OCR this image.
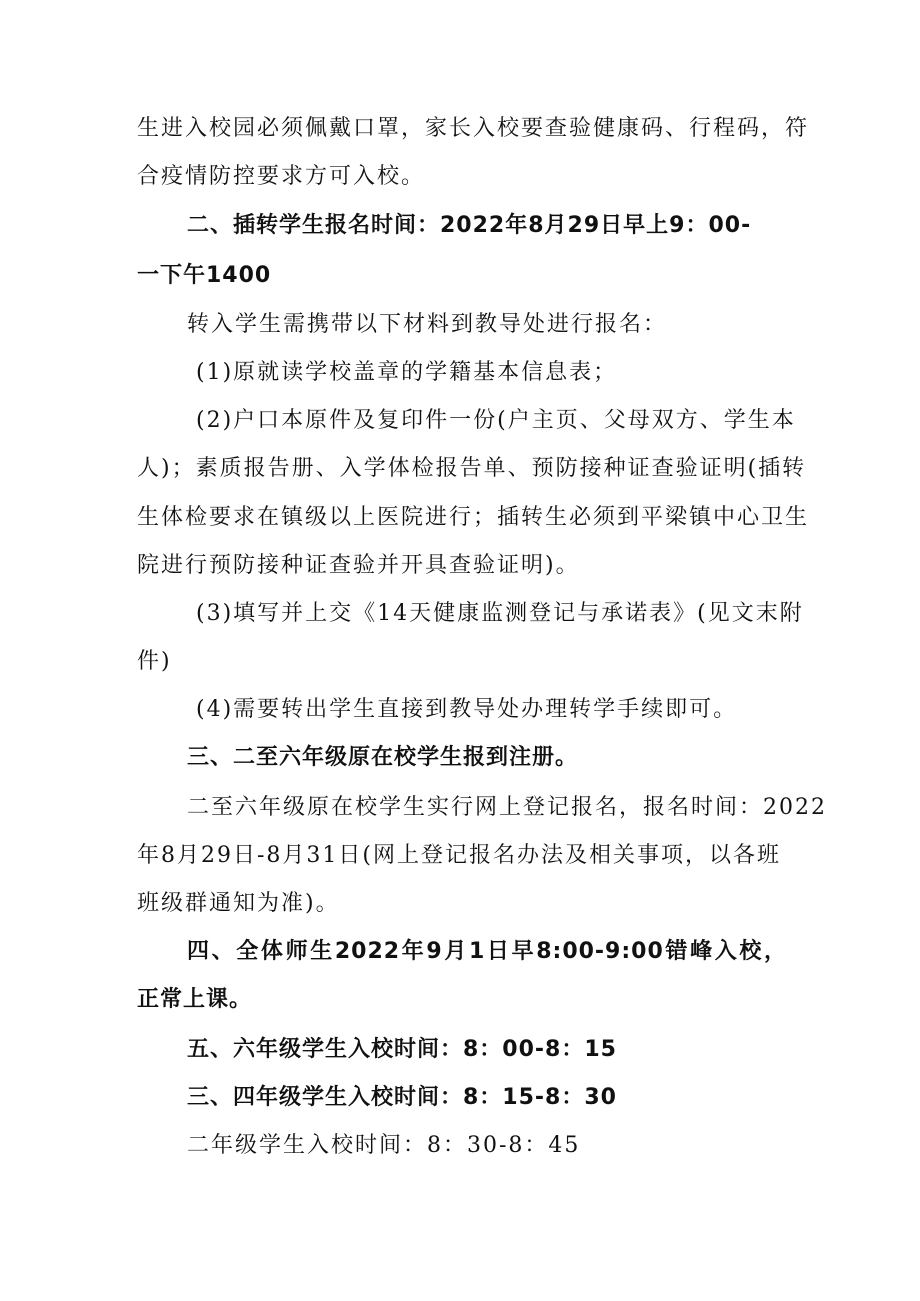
生进入校园必须佩戴口罩，家长入校要查验健康码、行程码，符
合疫情防控要求方可入校。
二、插转学生报名时间：2022年8月29日早上9：00-
一下午1400
转入学生需携带以下材料到教导处进行报名：
(1)原就读学校盖章的学籍基本信息表；
(2)户口本原件及复印件一份(户主页、父母双方、学生本
人)；素质报告册、入学体检报告单、预防接种证查验证明(插转
生体检要求在镇级以上医院进行；插转生必须到平梁镇中心卫生
院进行预防接种证查验并开具查验证明)。
(3)填写并上交《14天健康监测登记与承诺表》(见文末附
件)
(4)需要转出学生直接到教导处办理转学手续即可。
三、二至六年级原在校学生报到注册。
二至六年级原在校学生实行网上登记报名，报名时间：2022
年8月29日-8月31日(网上登记报名办法及相关事项，以各班
班级群通知为准)。
四、全体师生2022年9月1日早8:00-9:00错峰入校，
正常上课。
五、六年级学生入校时间：8：00-8：15
三、四年级学生入校时间：8：15-8：30
二年级学生入校时间：8：30-8：45
